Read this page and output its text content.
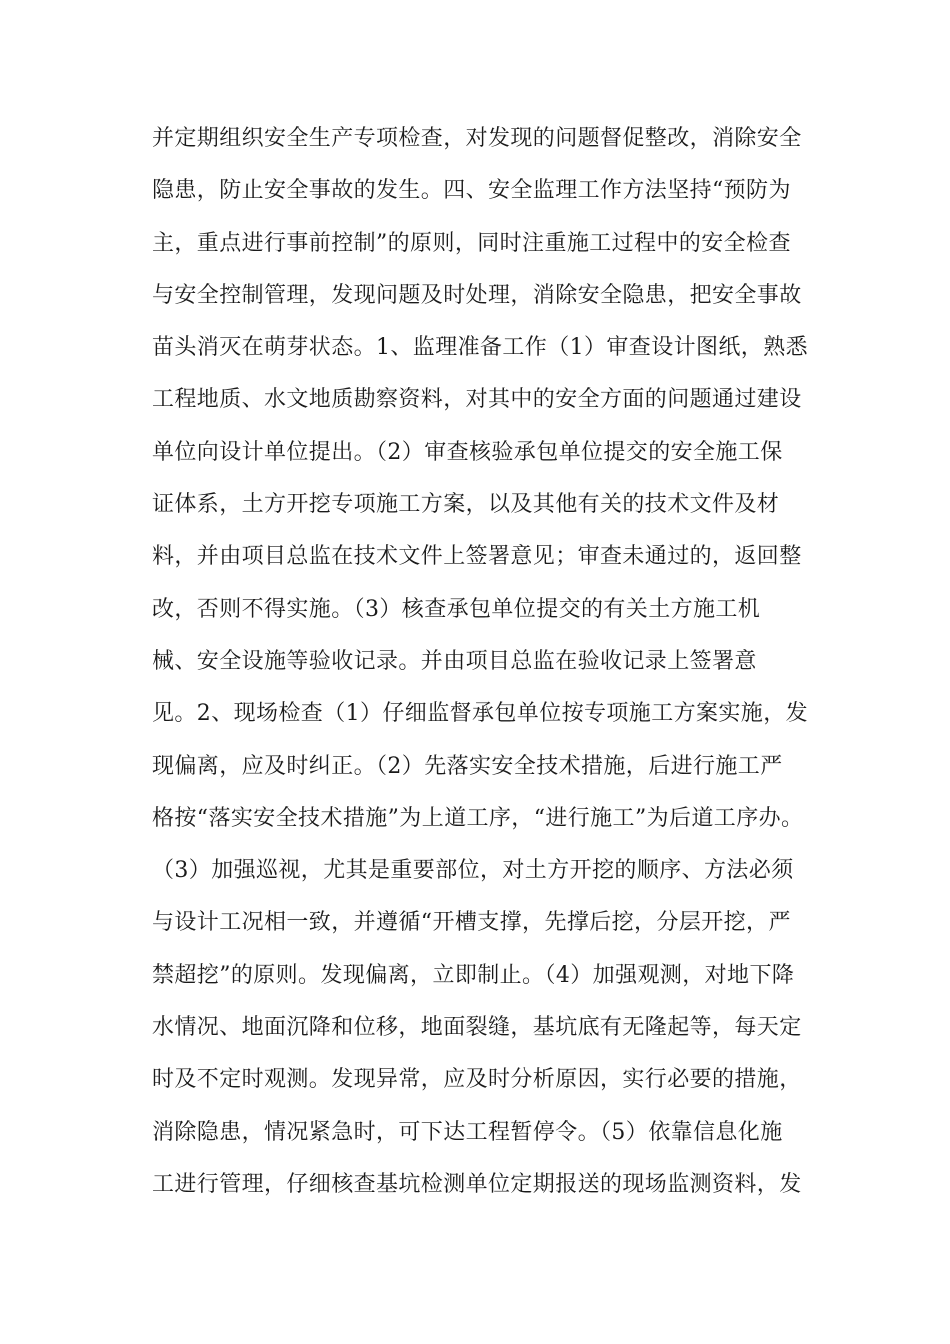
并定期组织安全生产专项检查，对发现的问题督促整改，消除安全
隐患，防止安全事故的发生。四、安全监理工作方法坚持“预防为
主，重点进行事前控制”的原则，同时注重施工过程中的安全检查
与安全控制管理，发现问题及时处理，消除安全隐患，把安全事故
苗头消灭在萌芽状态。1、监理准备工作（1）审查设计图纸，熟悉
工程地质、水文地质勘察资料，对其中的安全方面的问题通过建设
单位向设计单位提出。（2）审查核验承包单位提交的安全施工保
证体系，土方开挖专项施工方案，以及其他有关的技术文件及材
料，并由项目总监在技术文件上签署意见；审查未通过的，返回整
改，否则不得实施。（3）核查承包单位提交的有关土方施工机
械、安全设施等验收记录。并由项目总监在验收记录上签署意
见。2、现场检查（1）仔细监督承包单位按专项施工方案实施，发
现偏离，应及时纠正。（2）先落实安全技术措施，后进行施工严
格按“落实安全技术措施”为上道工序，“进行施工”为后道工序办。
（3）加强巡视，尤其是重要部位，对土方开挖的顺序、方法必须
与设计工况相一致，并遵循“开槽支撑，先撑后挖，分层开挖，严
禁超挖”的原则。发现偏离，立即制止。（4）加强观测，对地下降
水情况、地面沉降和位移，地面裂缝，基坑底有无隆起等，每天定
时及不定时观测。发现异常，应及时分析原因，实行必要的措施，
消除隐患，情况紧急时，可下达工程暂停令。（5）依靠信息化施
工进行管理，仔细核查基坑检测单位定期报送的现场监测资料，发
